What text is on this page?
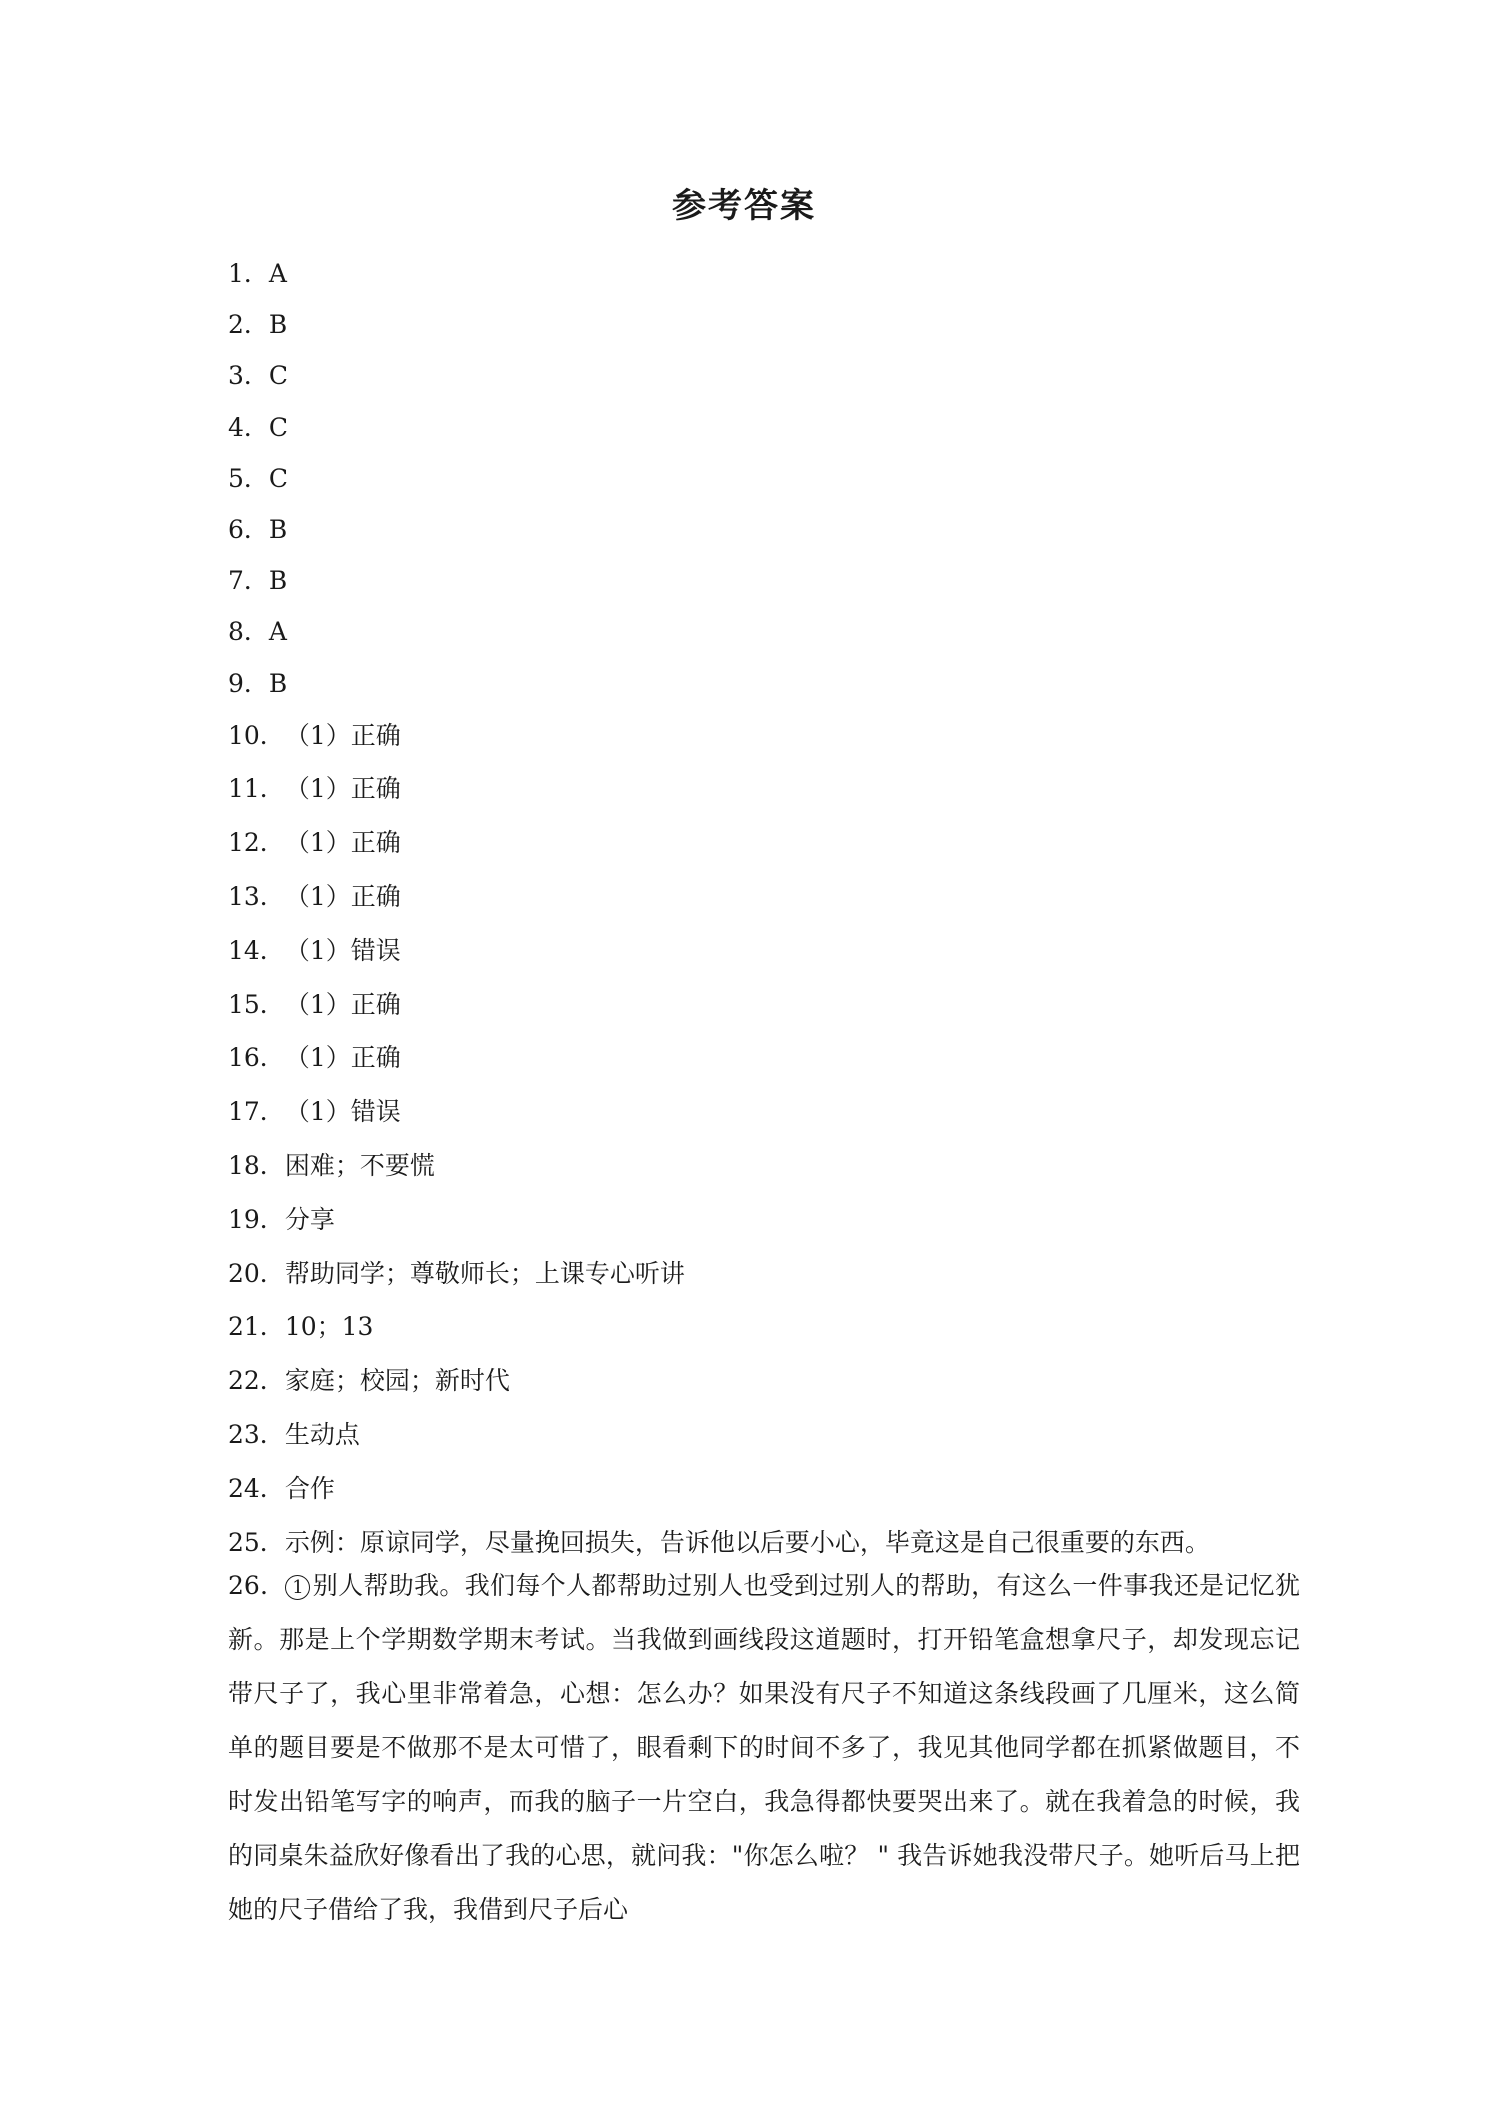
参考答案
1．A
2．B
3．C
4．C
5．C
6．B
7．B
8．A
9．B
10．（1）正确
11．（1）正确
12．（1）正确
13．（1）正确
14．（1）错误
15．（1）正确
16．（1）正确
17．（1）错误
18．困难；不要慌
19．分享
20．帮助同学；尊敬师长；上课专心听讲
21．10；13
22．家庭；校园；新时代
23．生动点
24．合作
25．示例：原谅同学，尽量挽回损失，告诉他以后要小心，毕竟这是自己很重要的东西。
26． 1 别人帮助我。我们每个人都帮助过别人也受到过别人的帮助，有这么一件事我还是记忆犹新。那是上个学期数学期末考试。当我做到画线段这道题时，打开铅笔盒想拿尺子，却发现忘记带尺子了，我心里非常着急，心想：怎么办？如果没有尺子不知道这条线段画了几厘米，这么简单的题目要是不做那不是太可惜了，眼看剩下的时间不多了，我见其他同学都在抓紧做题目，不时发出铅笔写字的响声，而我的脑子一片空白，我急得都快要哭出来了。就在我着急的时候，我的同桌朱益欣好像看出了我的心思，就问我："你怎么啦？ " 我告诉她我没带尺子。她听后马上把她的尺子借给了我，我借到尺子后心
